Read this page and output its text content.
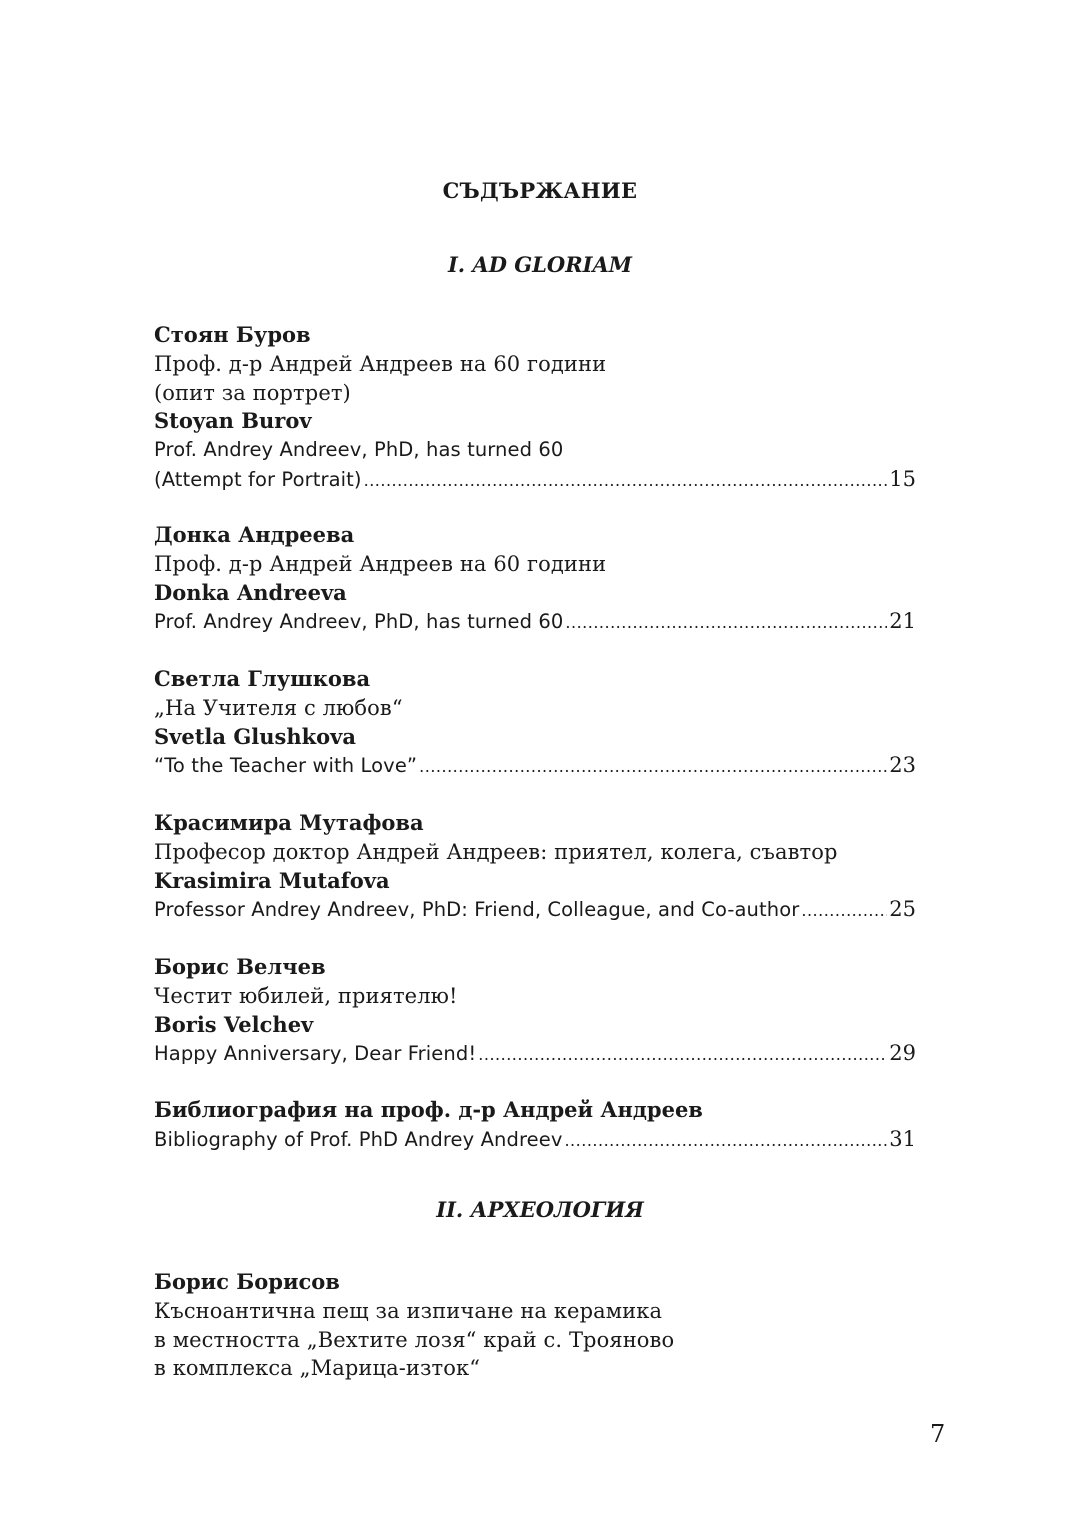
СЪДЪРЖАНИЕ
I. AD GLORIAM
Стоян Буров
Проф. д-р Андрей Андреев на 60 години
(опит за портрет)
Stoyan Burov
Prof. Andrey Andreev, PhD, has turned 60
(Attempt for Portrait) .....	15
Донка Андреева
Проф. д-р Андрей Андреев на 60 години
Donka Andreeva
Prof. Andrey Andreev, PhD, has turned 60 .....	21
Светла Глушкова
„На Учителя с любов“
Svetla Glushkova
“To the Teacher with Love” .....	23
Красимира Мутафова
Професор доктор Андрей Андреев: приятел, колега, съавтор
Krasimira Mutafova
Professor Andrey Andreev, PhD: Friend, Colleague, and Co-author .....	25
Борис Велчев
Честит юбилей, приятелю!
Boris Velchev
Happy Anniversary, Dear Friend! .....	29
Библиография на проф. д-р Андрей Андреев
Bibliography of Prof. PhD Andrey Andreev .....	31
II. АРХЕОЛОГИЯ
Борис Борисов
Късноантична пещ за изпичане на керамика
в местността „Вехтите лозя“ край с. Трояново
в комплекса „Марица-изток“
7
